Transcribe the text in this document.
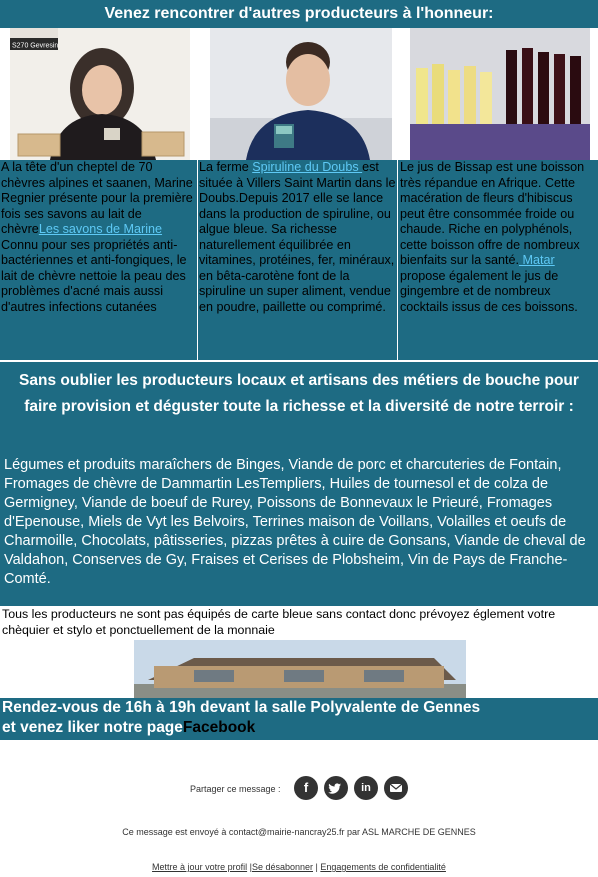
Venez rencontrer d'autres producteurs à l'honneur:
S270 Gevresin
A la tête d'un cheptel de 70 chèvres alpines et saanen, Marine Regnier présente pour la première fois ses savons au lait de chèvreLes savons de Marine
Connu pour ses propriétés anti-bactériennes et anti-fongiques, le lait de chèvre nettoie la peau des problèmes d'acné mais aussi d'autres infections cutanées
La ferme Spiruline du Doubs est située à Villers Saint Martin dans le Doubs.Depuis 2017 elle se lance dans la production de spiruline, ou algue bleue. Sa richesse naturellement équilibrée en vitamines, protéines, fer, minéraux, en bêta-carotène font de la spiruline un super aliment, vendue en poudre, paillette ou comprimé.
Le jus de Bissap est une boisson très répandue en Afrique. Cette macération de fleurs d'hibiscus peut être consommée froide ou chaude. Riche en polyphénols, cette boisson offre de nombreux bienfaits sur la santé. Matar propose également le jus de gingembre et de nombreux cocktails issus de ces boissons.
Sans oublier les producteurs locaux et artisans des métiers de bouche pour faire provision et déguster toute la richesse et la diversité de notre terroir :
Légumes et produits maraîchers de Binges, Viande de porc et charcuteries de Fontain, Fromages de chèvre de Dammartin LesTempliers, Huiles de tournesol et de colza de Germigney, Viande de boeuf de Rurey, Poissons de Bonnevaux le Prieuré, Fromages d'Epenouse, Miels de Vyt les Belvoirs, Terrines maison de Voillans, Volailles et oeufs de Charmoille, Chocolats, pâtisseries, pizzas prêtes à cuire de Gonsans, Viande de cheval de Valdahon, Conserves de Gy, Fraises et Cerises de Plobsheim, Vin de Pays de Franche-Comté.
Tous les producteurs ne sont pas équipés de carte bleue sans contact donc prévoyez églement votre chèquier et stylo et ponctuellement de la monnaie
Rendez-vous de 16h à 19h devant la salle Polyvalente de Gennes
et venez liker notre pageFacebook
Partager ce message :	f	in
Ce message est envoyé à contact@mairie-nancray25.fr par ASL MARCHE DE GENNES
Mettre à jour votre profil |Se désabonner | Engagements de confidentialité
